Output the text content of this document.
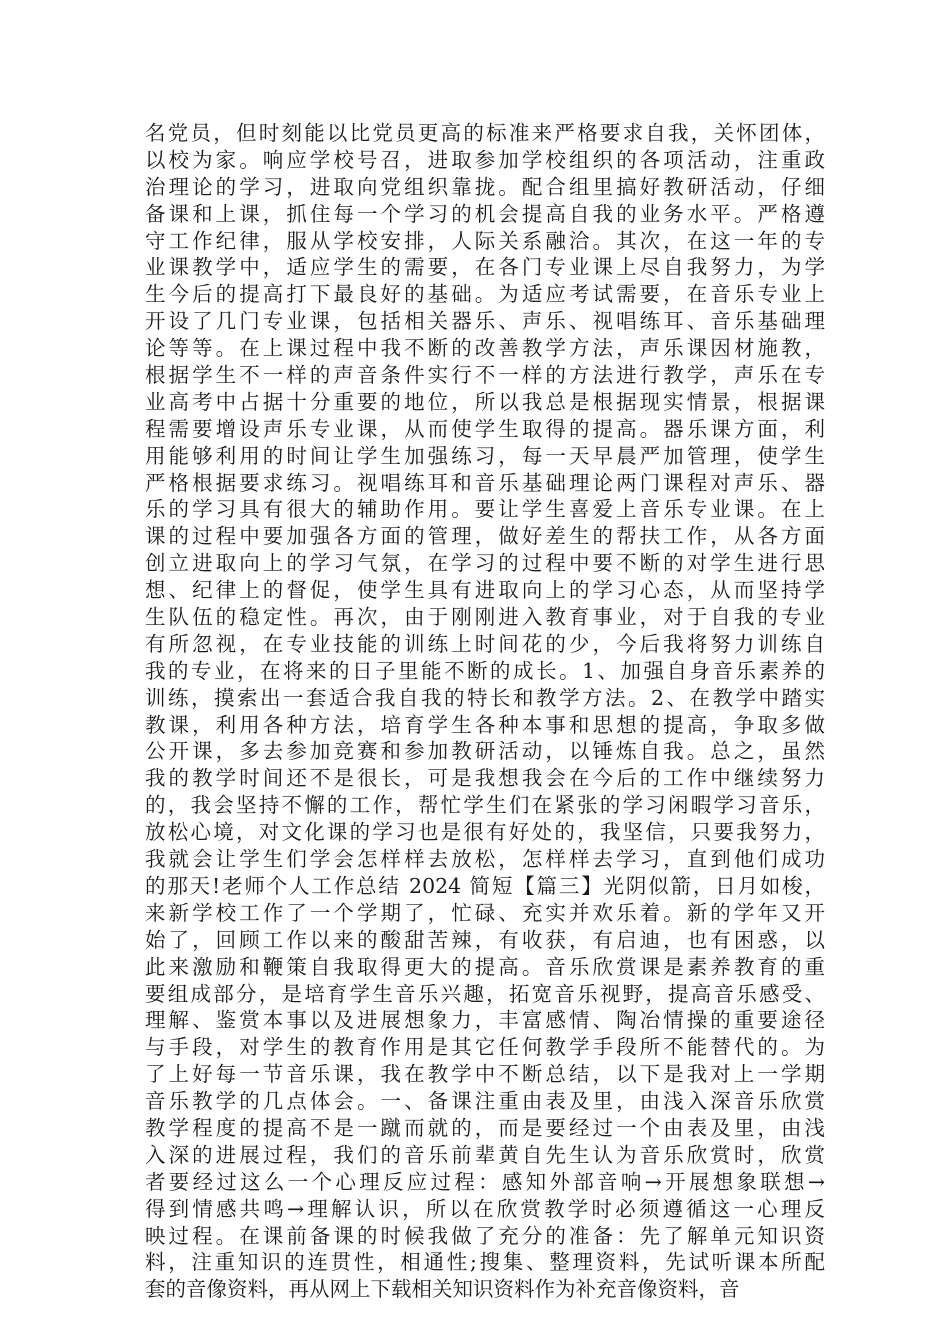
名党员，但时刻能以比党员更高的标准来严格要求自我，关怀团体，
以校为家。响应学校号召，进取参加学校组织的各项活动，注重政
治理论的学习，进取向党组织靠拢。配合组里搞好教研活动，仔细
备课和上课，抓住每一个学习的机会提高自我的业务水平。严格遵
守工作纪律，服从学校安排，人际关系融洽。其次，在这一年的专
业课教学中，适应学生的需要，在各门专业课上尽自我努力，为学
生今后的提高打下最良好的基础。为适应考试需要，在音乐专业上
开设了几门专业课，包括相关器乐、声乐、视唱练耳、音乐基础理
论等等。在上课过程中我不断的改善教学方法，声乐课因材施教，
根据学生不一样的声音条件实行不一样的方法进行教学，声乐在专
业高考中占据十分重要的地位，所以我总是根据现实情景，根据课
程需要增设声乐专业课，从而使学生取得的提高。器乐课方面，利
用能够利用的时间让学生加强练习，每一天早晨严加管理，使学生
严格根据要求练习。视唱练耳和音乐基础理论两门课程对声乐、器
乐的学习具有很大的辅助作用。要让学生喜爱上音乐专业课。在上
课的过程中要加强各方面的管理，做好差生的帮扶工作，从各方面
创立进取向上的学习气氛，在学习的过程中要不断的对学生进行思
想、纪律上的督促，使学生具有进取向上的学习心态，从而坚持学
生队伍的稳定性。再次，由于刚刚进入教育事业，对于自我的专业
有所忽视，在专业技能的训练上时间花的少，今后我将努力训练自
我的专业，在将来的日子里能不断的成长。1、加强自身音乐素养的
训练，摸索出一套适合我自我的特长和教学方法。2、在教学中踏实
教课，利用各种方法，培育学生各种本事和思想的提高，争取多做
公开课，多去参加竞赛和参加教研活动，以锤炼自我。总之，虽然
我的教学时间还不是很长，可是我想我会在今后的工作中继续努力
的，我会坚持不懈的工作，帮忙学生们在紧张的学习闲暇学习音乐，
放松心境，对文化课的学习也是很有好处的，我坚信，只要我努力，
我就会让学生们学会怎样样去放松，怎样样去学习，直到他们成功
的那天!老师个人工作总结 2024 简短【篇三】光阴似箭，日月如梭，
来新学校工作了一个学期了，忙碌、充实并欢乐着。新的学年又开
始了，回顾工作以来的酸甜苦辣，有收获，有启迪，也有困惑，以
此来激励和鞭策自我取得更大的提高。音乐欣赏课是素养教育的重
要组成部分，是培育学生音乐兴趣，拓宽音乐视野，提高音乐感受、
理解、鉴赏本事以及进展想象力，丰富感情、陶冶情操的重要途径
与手段，对学生的教育作用是其它任何教学手段所不能替代的。为
了上好每一节音乐课，我在教学中不断总结，以下是我对上一学期
音乐教学的几点体会。一、备课注重由表及里，由浅入深音乐欣赏
教学程度的提高不是一蹴而就的，而是要经过一个由表及里，由浅
入深的进展过程，我们的音乐前辈黄自先生认为音乐欣赏时，欣赏
者要经过这么一个心理反应过程：感知外部音响→开展想象联想→
得到情感共鸣→理解认识，所以在欣赏教学时必须遵循这一心理反
映过程。在课前备课的时候我做了充分的准备：先了解单元知识资
料，注重知识的连贯性，相通性;搜集、整理资料，先试听课本所配
套的音像资料，再从网上下载相关知识资料作为补充音像资料，音
